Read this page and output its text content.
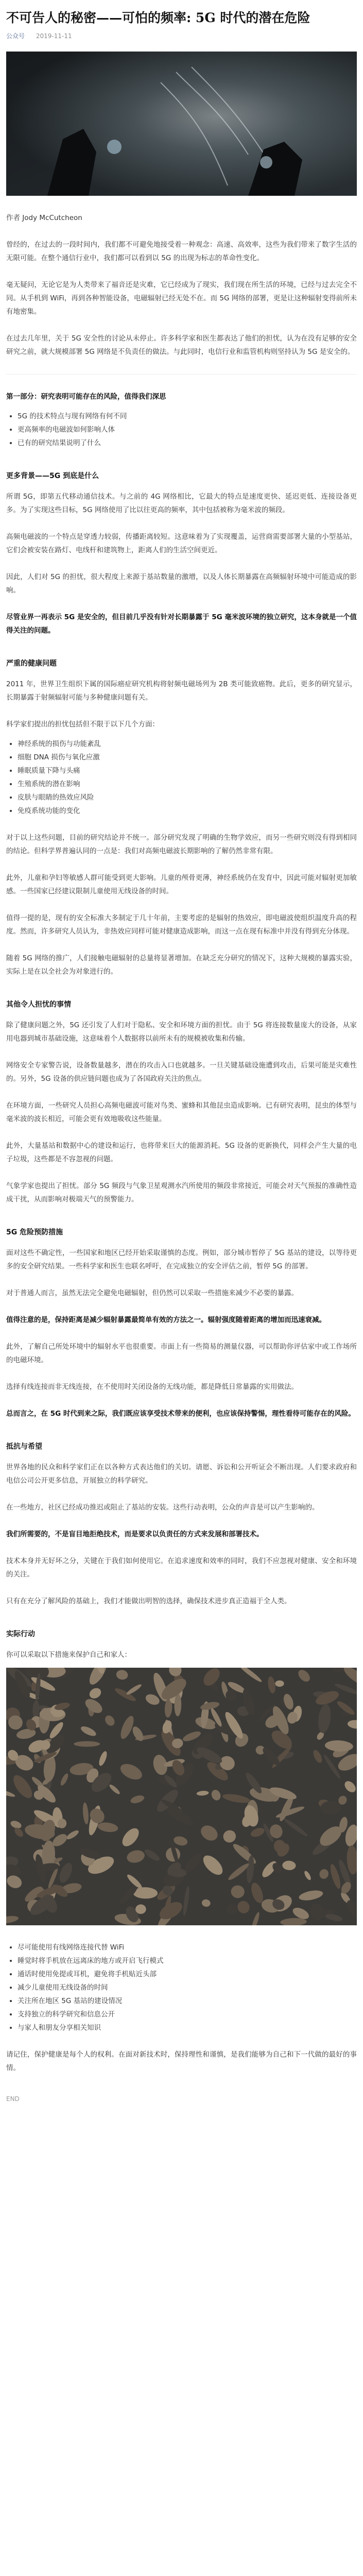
不可告人的秘密——可怕的频率: 5G 时代的潜在危险
公众号 2019-11-11

作者 Jody McCutcheon

曾经的，在过去的一段时间内，我们都不可避免地接受着一种观念：高速、高效率，这些为我们带来了数字生活的无限可能。在整个通信行业中，我们都可以看到以 5G 的出现为标志的革命性变化。

毫无疑问，无论它是为人类带来了福音还是灾难，它已经成为了现实，我们现在所生活的环境，已经与过去完全不同。从手机到 WiFi，再到各种智能设备，电磁辐射已经无处不在。而 5G 网络的部署，更是让这种辐射变得前所未有地密集。

在过去几年里，关于 5G 安全性的讨论从未停止。许多科学家和医生都表达了他们的担忧，认为在没有足够的安全研究之前，就大规模部署 5G 网络是不负责任的做法。与此同时，电信行业和监管机构则坚持认为 5G 是安全的。

第一部分：研究表明可能存在的风险，值得我们深思

• 5G 的技术特点与现有网络有何不同
• 更高频率的电磁波如何影响人体
• 已有的研究结果说明了什么
更多背景——5G 到底是什么

所谓 5G，即第五代移动通信技术。与之前的 4G 网络相比，它最大的特点是速度更快、延迟更低、连接设备更多。为了实现这些目标，5G 网络使用了比以往更高的频率，其中包括被称为毫米波的频段。

高频电磁波的一个特点是穿透力较弱，传播距离较短。这意味着为了实现覆盖，运营商需要部署大量的小型基站，它们会被安装在路灯、电线杆和建筑物上，距离人们的生活空间更近。

因此，人们对 5G 的担忧，很大程度上来源于基站数量的激增，以及人体长期暴露在高频辐射环境中可能造成的影响。

尽管业界一再表示 5G 是安全的，但目前几乎没有针对长期暴露于 5G 毫米波环境的独立研究，这本身就是一个值得关注的问题。

严重的健康问题

2011 年，世界卫生组织下属的国际癌症研究机构将射频电磁场列为 2B 类可能致癌物。此后，更多的研究显示，长期暴露于射频辐射可能与多种健康问题有关。

科学家们提出的担忧包括但不限于以下几个方面：

• 神经系统的损伤与功能紊乱
• 细胞 DNA 损伤与氧化应激
• 睡眠质量下降与头痛
• 生殖系统的潜在影响
• 皮肤与眼睛的热效应风险
• 免疫系统功能的变化

对于以上这些问题，目前的研究结论并不统一。部分研究发现了明确的生物学效应，而另一些研究则没有得到相同的结论。但科学界普遍认同的一点是：我们对高频电磁波长期影响的了解仍然非常有限。

此外，儿童和孕妇等敏感人群可能受到更大影响。儿童的颅骨更薄，神经系统仍在发育中，因此可能对辐射更加敏感。一些国家已经建议限制儿童使用无线设备的时间。

值得一提的是，现有的安全标准大多制定于几十年前，主要考虑的是辐射的热效应，即电磁波使组织温度升高的程度。然而，许多研究人员认为，非热效应同样可能对健康造成影响，而这一点在现有标准中并没有得到充分体现。

随着 5G 网络的推广，人们接触电磁辐射的总量将显著增加。在缺乏充分研究的情况下，这种大规模的暴露实验，实际上是在以全社会为对象进行的。

其他令人担忧的事情

除了健康问题之外，5G 还引发了人们对于隐私、安全和环境方面的担忧。由于 5G 将连接数量庞大的设备，从家用电器到城市基础设施，这意味着个人数据将以前所未有的规模被收集和传输。

网络安全专家警告说，设备数量越多，潜在的攻击入口也就越多。一旦关键基础设施遭到攻击，后果可能是灾难性的。另外，5G 设备的供应链问题也成为了各国政府关注的焦点。

在环境方面，一些研究人员担心高频电磁波可能对鸟类、蜜蜂和其他昆虫造成影响。已有研究表明，昆虫的体型与毫米波的波长相近，可能会更有效地吸收这些能量。

此外，大量基站和数据中心的建设和运行，也将带来巨大的能源消耗。5G 设备的更新换代，同样会产生大量的电子垃圾，这些都是不容忽视的问题。

气象学家也提出了担忧。部分 5G 频段与气象卫星观测水汽所使用的频段非常接近，可能会对天气预报的准确性造成干扰，从而影响对极端天气的预警能力。

5G 危险预防措施

面对这些不确定性，一些国家和地区已经开始采取谨慎的态度。例如，部分城市暂停了 5G 基站的建设，以等待更多的安全研究结果。一些科学家和医生也联名呼吁，在完成独立的安全评估之前，暂停 5G 的部署。

对于普通人而言，虽然无法完全避免电磁辐射，但仍然可以采取一些措施来减少不必要的暴露。

值得注意的是，保持距离是减少辐射暴露最简单有效的方法之一。辐射强度随着距离的增加而迅速衰减。

此外，了解自己所处环境中的辐射水平也很重要。市面上有一些简易的测量仪器，可以帮助你评估家中或工作场所的电磁环境。

选择有线连接而非无线连接，在不使用时关闭设备的无线功能，都是降低日常暴露的实用做法。

总而言之，在 5G 时代到来之际，我们既应该享受技术带来的便利，也应该保持警惕，理性看待可能存在的风险。

抵抗与希望

世界各地的民众和科学家们正在以各种方式表达他们的关切。请愿、诉讼和公开听证会不断出现。人们要求政府和电信公司公开更多信息，开展独立的科学研究。

在一些地方，社区已经成功推迟或阻止了基站的安装。这些行动表明，公众的声音是可以产生影响的。

我们所需要的，不是盲目地拒绝技术，而是要求以负责任的方式来发展和部署技术。

技术本身并无好坏之分，关键在于我们如何使用它。在追求速度和效率的同时，我们不应忽视对健康、安全和环境的关注。

只有在充分了解风险的基础上，我们才能做出明智的选择，确保技术进步真正造福于全人类。

实际行动

你可以采取以下措施来保护自己和家人：

• 尽可能使用有线网络连接代替 WiFi
• 睡觉时将手机放在远离床的地方或开启飞行模式
• 通话时使用免提或耳机，避免将手机贴近头部
• 减少儿童使用无线设备的时间
• 关注所在地区 5G 基站的建设情况
• 支持独立的科学研究和信息公开
• 与家人和朋友分享相关知识

请记住，保护健康是每个人的权利。在面对新技术时，保持理性和谨慎，是我们能够为自己和下一代做的最好的事情。

END
